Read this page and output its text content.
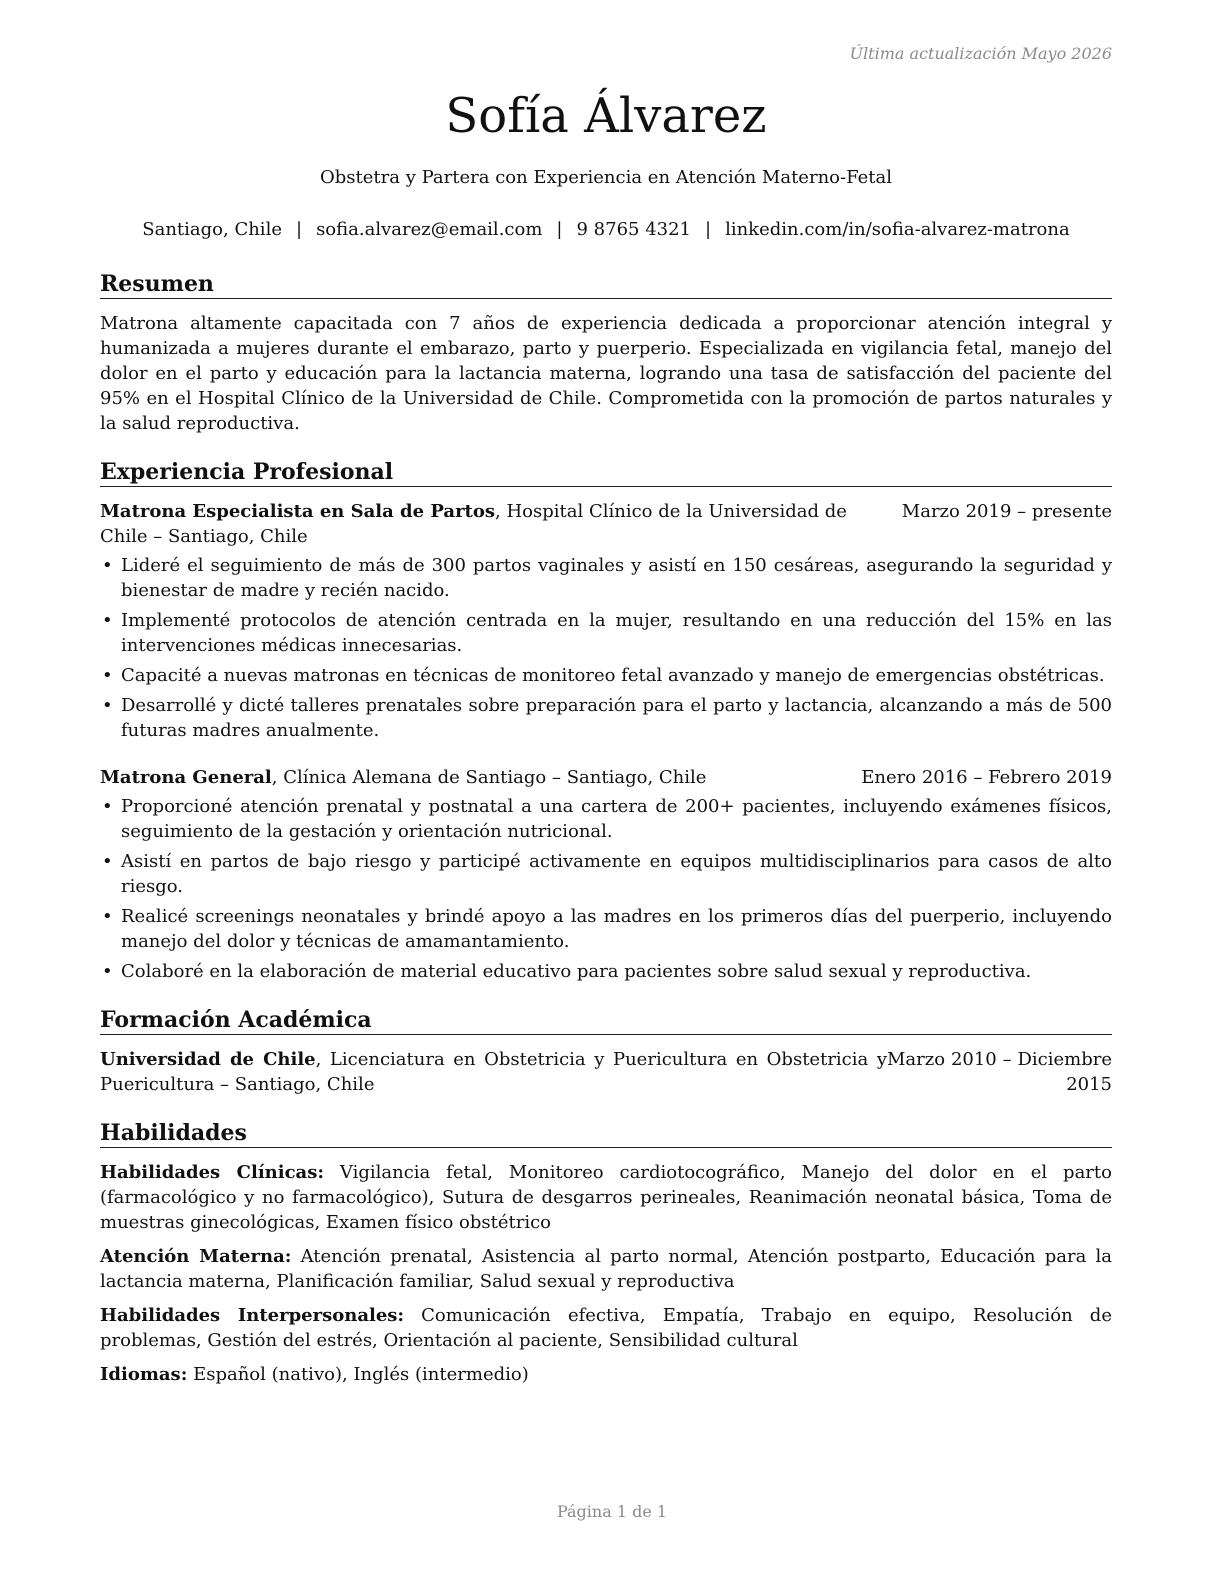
Última actualización Mayo 2026
Sofía Álvarez
Obstetra y Partera con Experiencia en Atención Materno-Fetal
Santiago, Chile | sofia.alvarez@email.com | 9 8765 4321 | linkedin.com/in/sofia-alvarez-matrona
Resumen

Matrona altamente capacitada con 7 años de experiencia dedicada a proporcionar atención integral y humanizada a mujeres durante el embarazo, parto y puerperio. Especializada en vigilancia fetal, manejo del dolor en el parto y educación para la lactancia materna, logrando una tasa de satisfacción del paciente del 95% en el Hospital Clínico de la Universidad de Chile. Comprometida con la promoción de partos naturales y la salud reproductiva.

Experiencia Profesional
Matrona Especialista en Sala de Partos, Hospital Clínico de la Universidad de Chile – Santiago, Chile
Marzo 2019 – presente
• Lideré el seguimiento de más de 300 partos vaginales y asistí en 150 cesáreas, asegurando la seguridad y bienestar de madre y recién nacido.
• Implementé protocolos de atención centrada en la mujer, resultando en una reducción del 15% en las intervenciones médicas innecesarias.
• Capacité a nuevas matronas en técnicas de monitoreo fetal avanzado y manejo de emergencias obstétricas.
• Desarrollé y dicté talleres prenatales sobre preparación para el parto y lactancia, alcanzando a más de 500 futuras madres anualmente.
Matrona General, Clínica Alemana de Santiago – Santiago, Chile	Enero 2016 – Febrero 2019
• Proporcioné atención prenatal y postnatal a una cartera de 200+ pacientes, incluyendo exámenes físicos, seguimiento de la gestación y orientación nutricional.
• Asistí en partos de bajo riesgo y participé activamente en equipos multidisciplinarios para casos de alto riesgo.
• Realicé screenings neonatales y brindé apoyo a las madres en los primeros días del puerperio, incluyendo manejo del dolor y técnicas de amamantamiento.
• Colaboré en la elaboración de material educativo para pacientes sobre salud sexual y reproductiva.
Formación Académica
Universidad de Chile, Licenciatura en Obstetricia y Puericultura en Obstetricia y Puericultura – Santiago, Chile
Marzo 2010 – Diciembre
2015
Habilidades

Habilidades Clínicas: Vigilancia fetal, Monitoreo cardiotocográfico, Manejo del dolor en el parto (farmacológico y no farmacológico), Sutura de desgarros perineales, Reanimación neonatal básica, Toma de muestras ginecológicas, Examen físico obstétrico

Atención Materna: Atención prenatal, Asistencia al parto normal, Atención postparto, Educación para la lactancia materna, Planificación familiar, Salud sexual y reproductiva

Habilidades Interpersonales: Comunicación efectiva, Empatía, Trabajo en equipo, Resolución de problemas, Gestión del estrés, Orientación al paciente, Sensibilidad cultural

Idiomas: Español (nativo), Inglés (intermedio)

Página 1 de 1
